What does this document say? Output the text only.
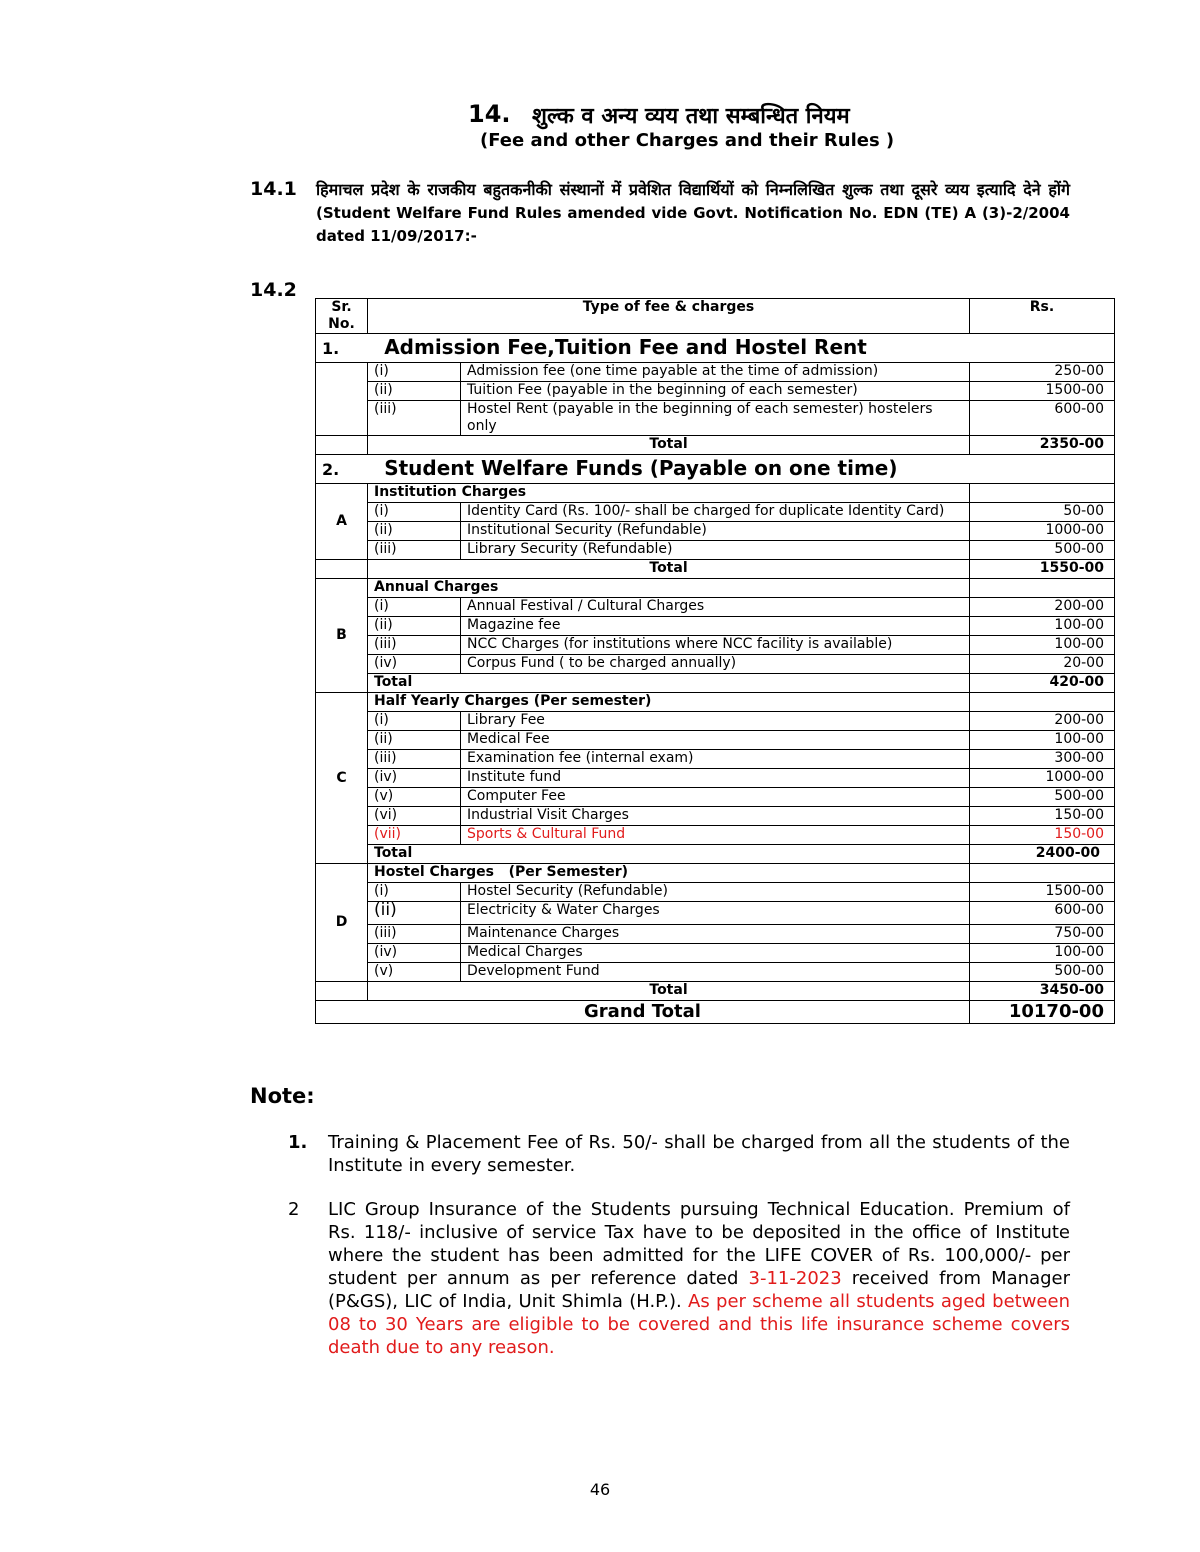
14. शुल्क व अन्य व्यय तथा सम्बन्धित नियम
(Fee and other Charges and their Rules )
14.1 हिमाचल प्रदेश के राजकीय बहुतकनीकी संस्थानों में प्रवेशित विद्यार्थियों को निम्नलिखित शुल्क तथा दूसरे व्यय इत्यादि देने होंगे (Student Welfare Fund Rules amended vide Govt. Notification No. EDN (TE) A (3)-2/2004 dated 11/09/2017:-
14.2
Sr. No.	Type of fee & charges		Rs.
1. Admission Fee,Tuition Fee and Hostel Rent			
	(i)	Admission fee (one time payable at the time of admission)	250-00
	(ii)	Tuition Fee (payable in the beginning of each semester)	1500-00
	(iii)	Hostel Rent (payable in the beginning of each semester) hostelers only	600-00
	Total		2350-00
2. Student Welfare Funds (Payable on one time)			
A	Institution Charges		
	(i)	Identity Card (Rs. 100/- shall be charged for duplicate Identity Card)	50-00
	(ii)	Institutional Security (Refundable)	1000-00
	(iii)	Library Security (Refundable)	500-00
	Total		1550-00
B	Annual Charges		
	(i)	Annual Festival / Cultural Charges	200-00
	(ii)	Magazine fee	100-00
	(iii)	NCC Charges (for institutions where NCC facility is available)	100-00
	(iv)	Corpus Fund ( to be charged annually)	20-00
	Total		420-00
C	Half Yearly Charges (Per semester)		
	(i)	Library Fee	200-00
	(ii)	Medical Fee	100-00
	(iii)	Examination fee (internal exam)	300-00
	(iv)	Institute fund	1000-00
	(v)	Computer Fee	500-00
	(vi)	Industrial Visit Charges	150-00
	(vii)	Sports & Cultural Fund	150-00
	Total		2400-00
D	Hostel Charges   (Per Semester)		
	(i)	Hostel Security (Refundable)	1500-00
	(ii)	Electricity & Water Charges	600-00
	(iii)	Maintenance Charges	750-00
	(iv)	Medical Charges	100-00
	(v)	Development Fund	500-00
	Total		3450-00
Grand Total			10170-00
Note:
1. Training & Placement Fee of Rs. 50/- shall be charged from all the students of the Institute in every semester.
2 LIC Group Insurance of the Students pursuing Technical Education. Premium of Rs. 118/- inclusive of service Tax have to be deposited in the office of Institute where the student has been admitted for the LIFE COVER of Rs. 100,000/- per student per annum as per reference dated 3-11-2023 received from Manager (P&GS), LIC of India, Unit Shimla (H.P.). As per scheme all students aged between 08 to 30 Years are eligible to be covered and this life insurance scheme covers death due to any reason.
46
